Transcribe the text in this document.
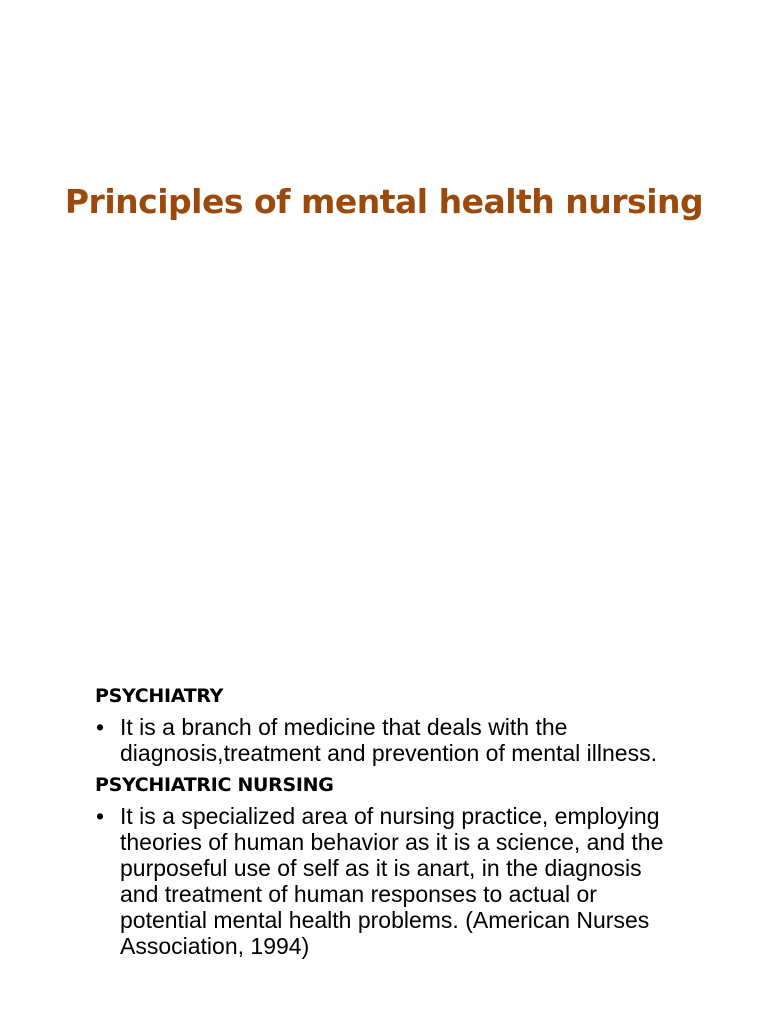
Principles of mental health nursing
PSYCHIATRY

• It is a branch of medicine that deals with the diagnosis,treatment and prevention of mental illness.

PSYCHIATRIC NURSING

• It is a specialized area of nursing practice, employing theories of human behavior as it is a science, and the purposeful use of self as it is anart, in the diagnosis and treatment of human responses to actual or potential mental health problems. (American Nurses Association, 1994)
